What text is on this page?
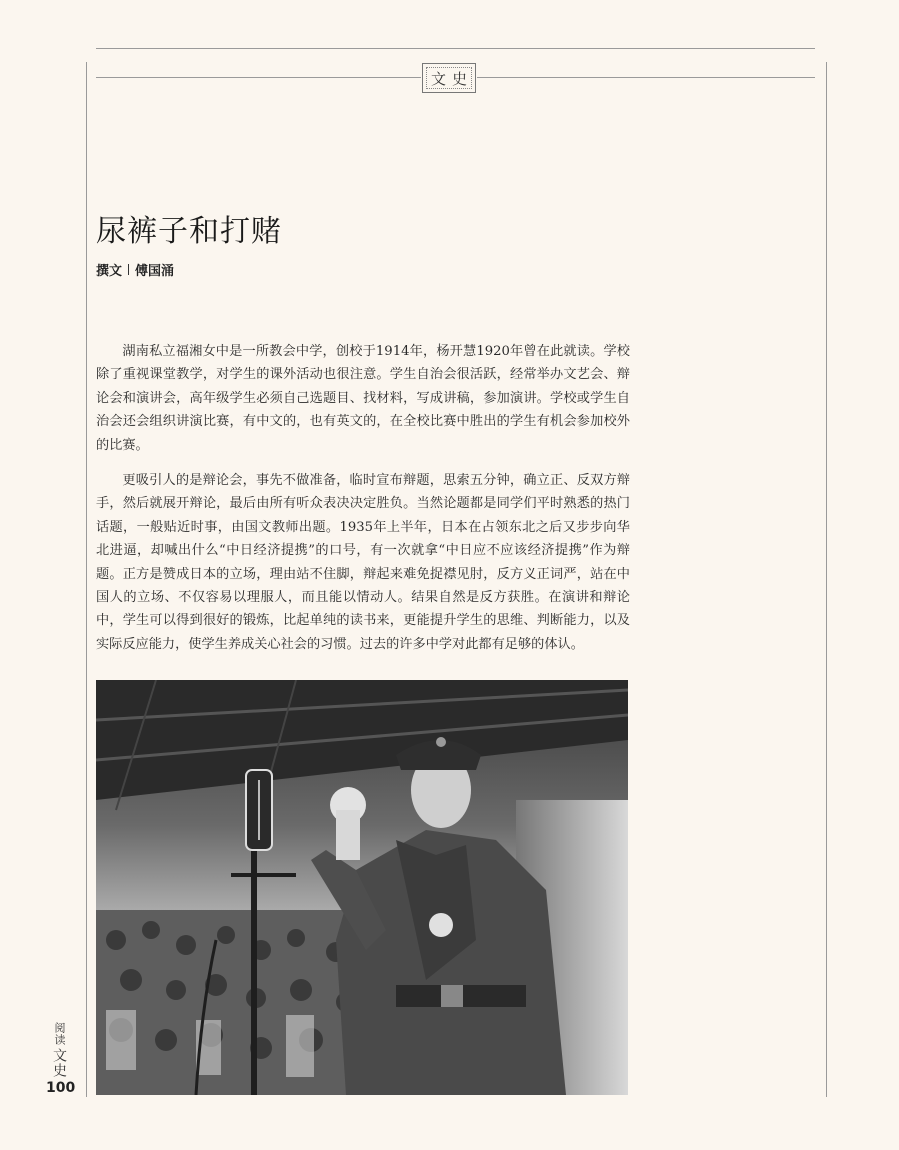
文史
尿裤子和打赌
撰文 傅国涌

湖南私立福湘女中是一所教会中学，创校于1914年，杨开慧1920年曾在此就读。学校除了重视课堂教学，对学生的课外活动也很注意。学生自治会很活跃，经常举办文艺会、辩论会和演讲会，高年级学生必须自己选题目、找材料，写成讲稿，参加演讲。学校或学生自治会还会组织讲演比赛，有中文的，也有英文的，在全校比赛中胜出的学生有机会参加校外的比赛。

更吸引人的是辩论会，事先不做准备，临时宣布辩题，思索五分钟，确立正、反双方辩手，然后就展开辩论，最后由所有听众表决决定胜负。当然论题都是同学们平时熟悉的热门话题，一般贴近时事，由国文教师出题。1935年上半年，日本在占领东北之后又步步向华北进逼，却喊出什么“中日经济提携”的口号，有一次就拿“中日应不应该经济提携”作为辩题。正方是赞成日本的立场，理由站不住脚，辩起来难免捉襟见肘，反方义正词严，站在中国人的立场、不仅容易以理服人，而且能以情动人。结果自然是反方获胜。在演讲和辩论中，学生可以得到很好的锻炼，比起单纯的读书来，更能提升学生的思维、判断能力，以及实际反应能力，使学生养成关心社会的习惯。过去的许多中学对此都有足够的体认。

阅读
文史
100
